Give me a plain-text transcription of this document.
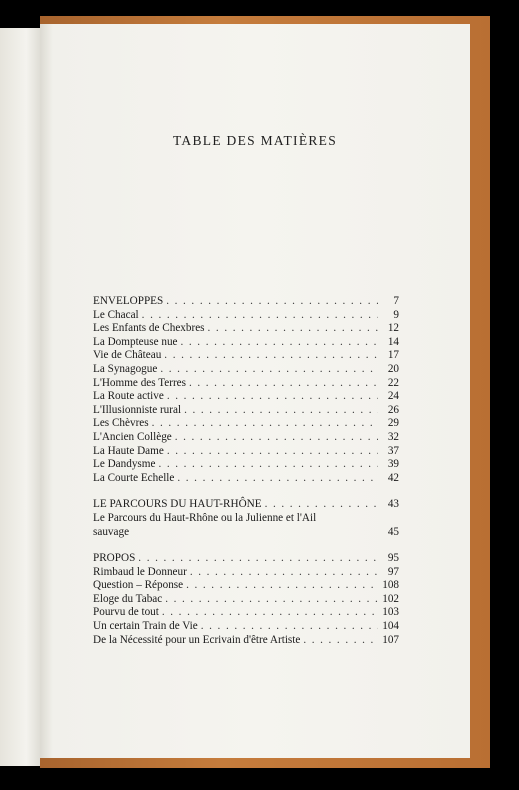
TABLE DES MATIÈRES
ENVELOPPES . . .	7
Le Chacal . . .	9
Les Enfants de Chexbres . . .	12
La Dompteuse nue . . .	14
Vie de Château . . .	17
La Synagogue . . .	20
L'Homme des Terres . . .	22
La Route active . . .	24
L'Illusionniste rural . . .	26
Les Chèvres . . .	29
L'Ancien Collège . . .	32
La Haute Dame . . .	37
Le Dandysme . . .	39
La Courte Echelle . . .	42
LE PARCOURS DU HAUT-RHÔNE . . .	43
Le Parcours du Haut-Rhône ou la Julienne et l'Ail
sauvage	45
PROPOS . . .	95
Rimbaud le Donneur . . .	97
Question – Réponse . . .	108
Eloge du Tabac . . .	102
Pourvu de tout . . .	103
Un certain Train de Vie . . .	104
De la Nécessité pour un Ecrivain d'être Artiste . . .	107
